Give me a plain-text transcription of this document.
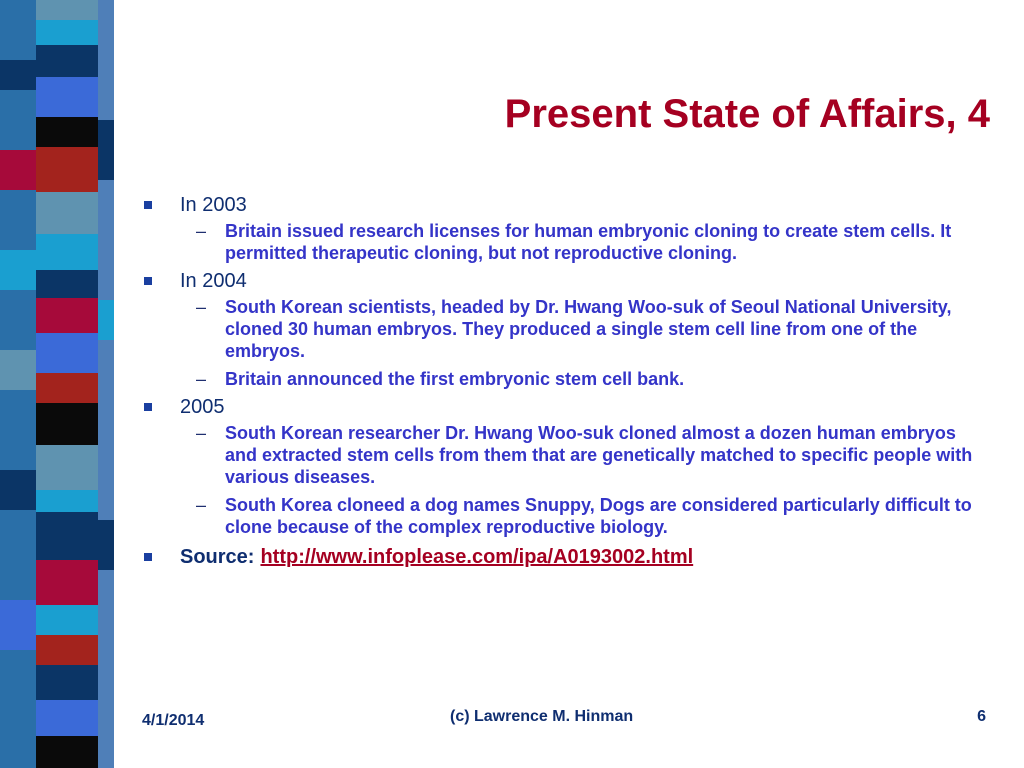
Present State of Affairs, 4
In 2003
– Britain issued research licenses for human embryonic cloning to create stem cells. It permitted therapeutic cloning, but not reproductive cloning.
In 2004
– South Korean scientists, headed by Dr. Hwang Woo-suk of Seoul National University, cloned 30 human embryos. They produced a single stem cell line from one of the embryos.
– Britain announced the first embryonic stem cell bank.
2005
– South Korean researcher Dr. Hwang Woo-suk cloned almost a dozen human embryos and extracted stem cells from them that are genetically matched to specific people with various diseases.
– South Korea cloneed a dog names Snuppy, Dogs are considered particularly difficult to clone because of the complex reproductive biology.
Source: http://www.infoplease.com/ipa/A0193002.html
4/1/2014	(c) Lawrence M. Hinman	6
